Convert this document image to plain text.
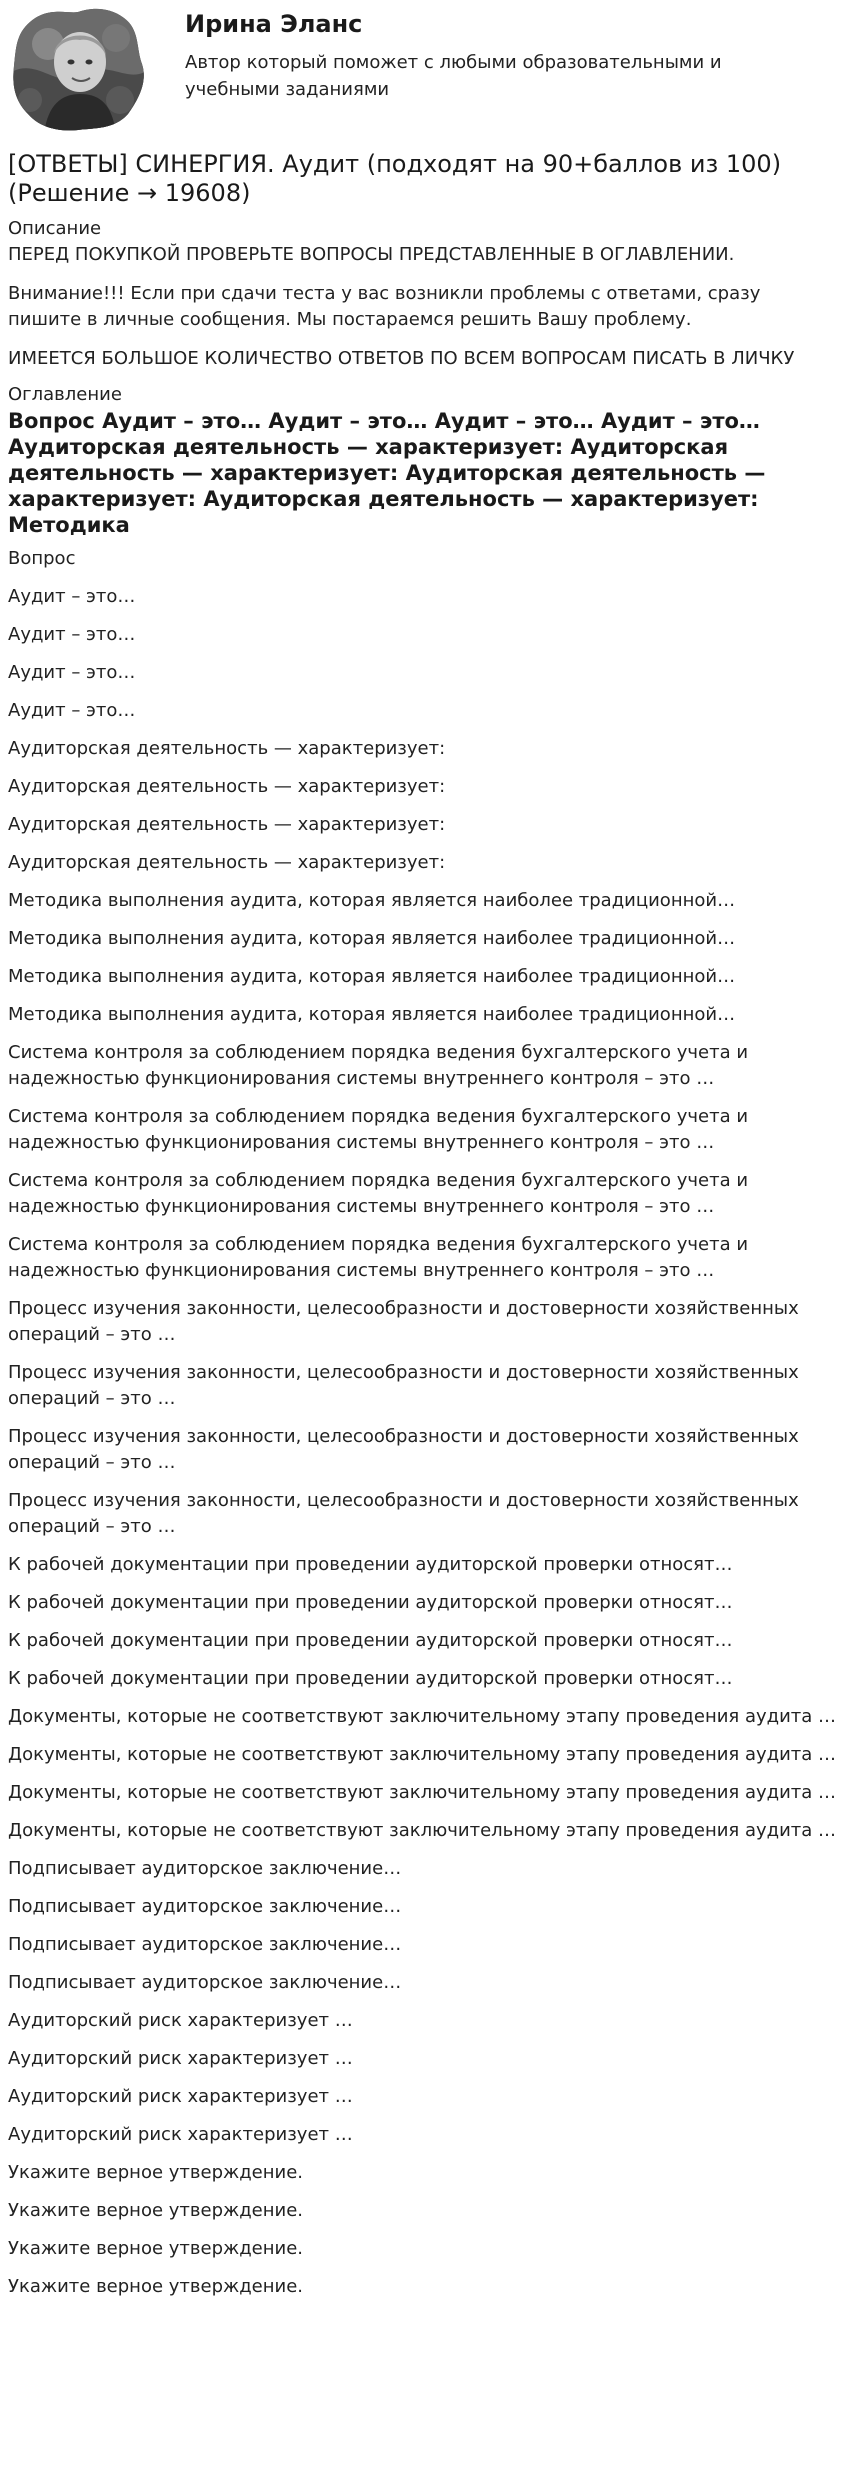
Ирина Эланс

Автор который поможет с любыми образовательными и учебными заданиями

[ОТВЕТЫ] СИНЕРГИЯ. Аудит (подходят на 90+баллов из 100) (Решение → 19608)

Описание

ПЕРЕД ПОКУПКОЙ ПРОВЕРЬТЕ ВОПРОСЫ ПРЕДСТАВЛЕННЫЕ В ОГЛАВЛЕНИИ.

Внимание!!! Если при сдачи теста у вас возникли проблемы с ответами, сразу пишите в личные сообщения. Мы постараемся решить Вашу проблему.

ИМЕЕТСЯ БОЛЬШОЕ КОЛИЧЕСТВО ОТВЕТОВ ПО ВСЕМ ВОПРОСАМ ПИСАТЬ В ЛИЧКУ

Оглавление

Вопрос Аудит – это… Аудит – это… Аудит – это… Аудит – это… Аудиторская деятельность — характеризует: Аудиторская деятельность — характеризует: Аудиторская деятельность — характеризует: Аудиторская деятельность — характеризует: Методика

Вопрос
Аудит – это…
Аудит – это…
Аудит – это…
Аудит – это…
Аудиторская деятельность — характеризует:
Аудиторская деятельность — характеризует:
Аудиторская деятельность — характеризует:
Аудиторская деятельность — характеризует:
Методика выполнения аудита, которая является наиболее традиционной…
Методика выполнения аудита, которая является наиболее традиционной…
Методика выполнения аудита, которая является наиболее традиционной…
Методика выполнения аудита, которая является наиболее традиционной…
Система контроля за соблюдением порядка ведения бухгалтерского учета и надежностью функционирования системы внутреннего контроля – это …
Система контроля за соблюдением порядка ведения бухгалтерского учета и надежностью функционирования системы внутреннего контроля – это …
Система контроля за соблюдением порядка ведения бухгалтерского учета и надежностью функционирования системы внутреннего контроля – это …
Система контроля за соблюдением порядка ведения бухгалтерского учета и надежностью функционирования системы внутреннего контроля – это …
Процесс изучения законности, целесообразности и достоверности хозяйственных операций – это …
Процесс изучения законности, целесообразности и достоверности хозяйственных операций – это …
Процесс изучения законности, целесообразности и достоверности хозяйственных операций – это …
Процесс изучения законности, целесообразности и достоверности хозяйственных операций – это …
К рабочей документации при проведении аудиторской проверки относят…
К рабочей документации при проведении аудиторской проверки относят…
К рабочей документации при проведении аудиторской проверки относят…
К рабочей документации при проведении аудиторской проверки относят…
Документы, которые не соответствуют заключительному этапу проведения аудита …
Документы, которые не соответствуют заключительному этапу проведения аудита …
Документы, которые не соответствуют заключительному этапу проведения аудита …
Документы, которые не соответствуют заключительному этапу проведения аудита …
Подписывает аудиторское заключение…
Подписывает аудиторское заключение…
Подписывает аудиторское заключение…
Подписывает аудиторское заключение…
Аудиторский риск характеризует …
Аудиторский риск характеризует …
Аудиторский риск характеризует …
Аудиторский риск характеризует …
Укажите верное утверждение.
Укажите верное утверждение.
Укажите верное утверждение.
Укажите верное утверждение.
